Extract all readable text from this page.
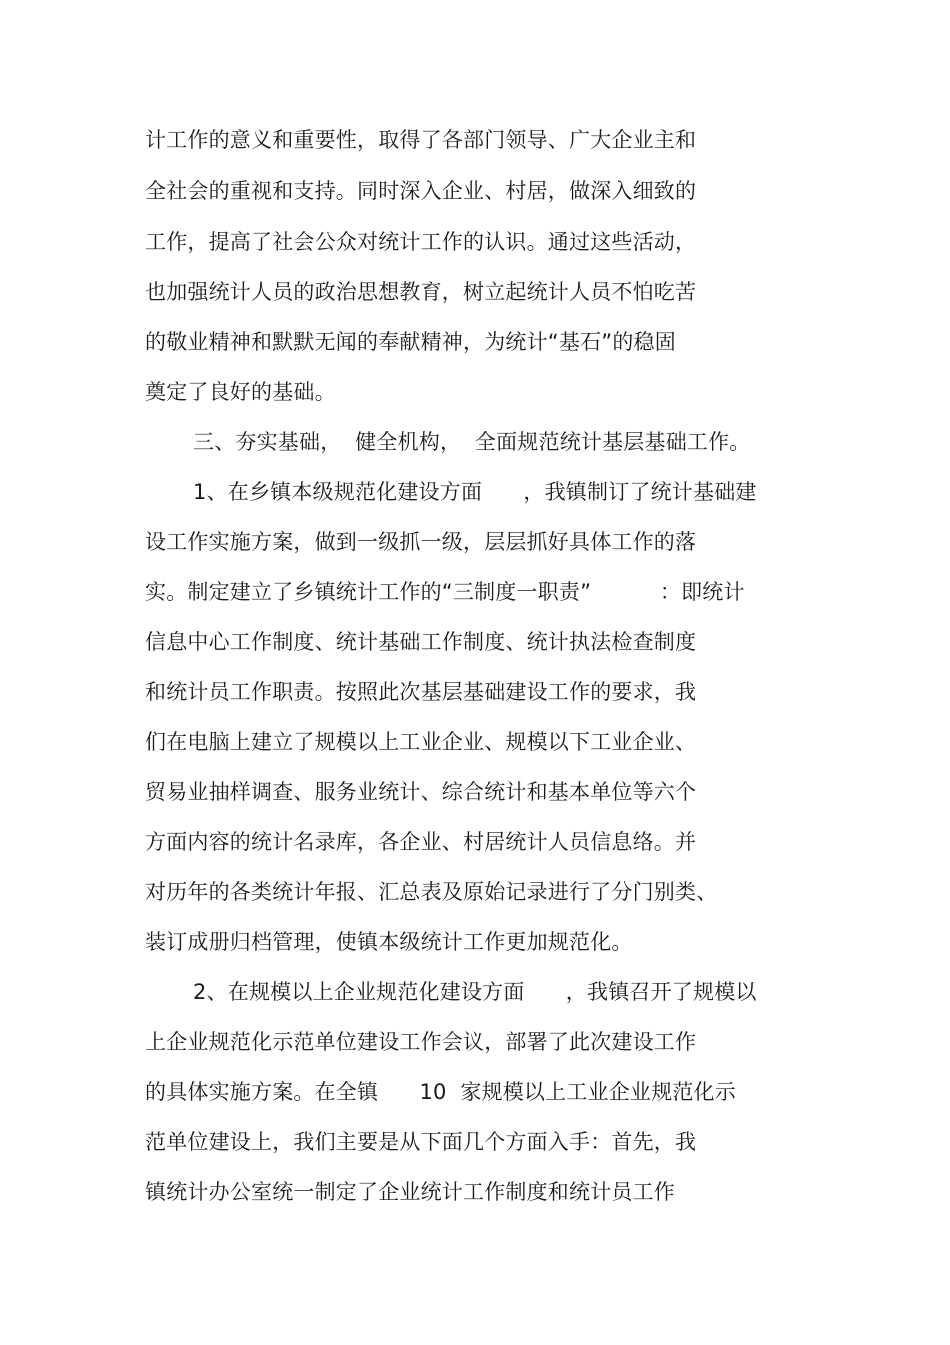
计工作的意义和重要性，取得了各部门领导、广大企业主和
全社会的重视和支持。同时深入企业、村居，做深入细致的
工作，提高了社会公众对统计工作的认识。通过这些活动，
也加强统计人员的政治思想教育，树立起统计人员不怕吃苦
的敬业精神和默默无闻的奉献精神，为统计“基石”的稳固
奠定了良好的基础。
三、夯实基础，  健全机构，  全面规范统计基层基础工作。
1、在乡镇本级规范化建设方面      ，我镇制订了统计基础建
设工作实施方案，做到一级抓一级，层层抓好具体工作的落
实。制定建立了乡镇统计工作的“三制度一职责”          ：即统计
信息中心工作制度、统计基础工作制度、统计执法检查制度
和统计员工作职责。按照此次基层基础建设工作的要求，我
们在电脑上建立了规模以上工业企业、规模以下工业企业、
贸易业抽样调查、服务业统计、综合统计和基本单位等六个
方面内容的统计名录库，各企业、村居统计人员信息络。并
对历年的各类统计年报、汇总表及原始记录进行了分门别类、
装订成册归档管理，使镇本级统计工作更加规范化。
2、在规模以上企业规范化建设方面      ，我镇召开了规模以
上企业规范化示范单位建设工作会议，部署了此次建设工作
的具体实施方案。在全镇      10  家规模以上工业企业规范化示
范单位建设上，我们主要是从下面几个方面入手：首先，我
镇统计办公室统一制定了企业统计工作制度和统计员工作
